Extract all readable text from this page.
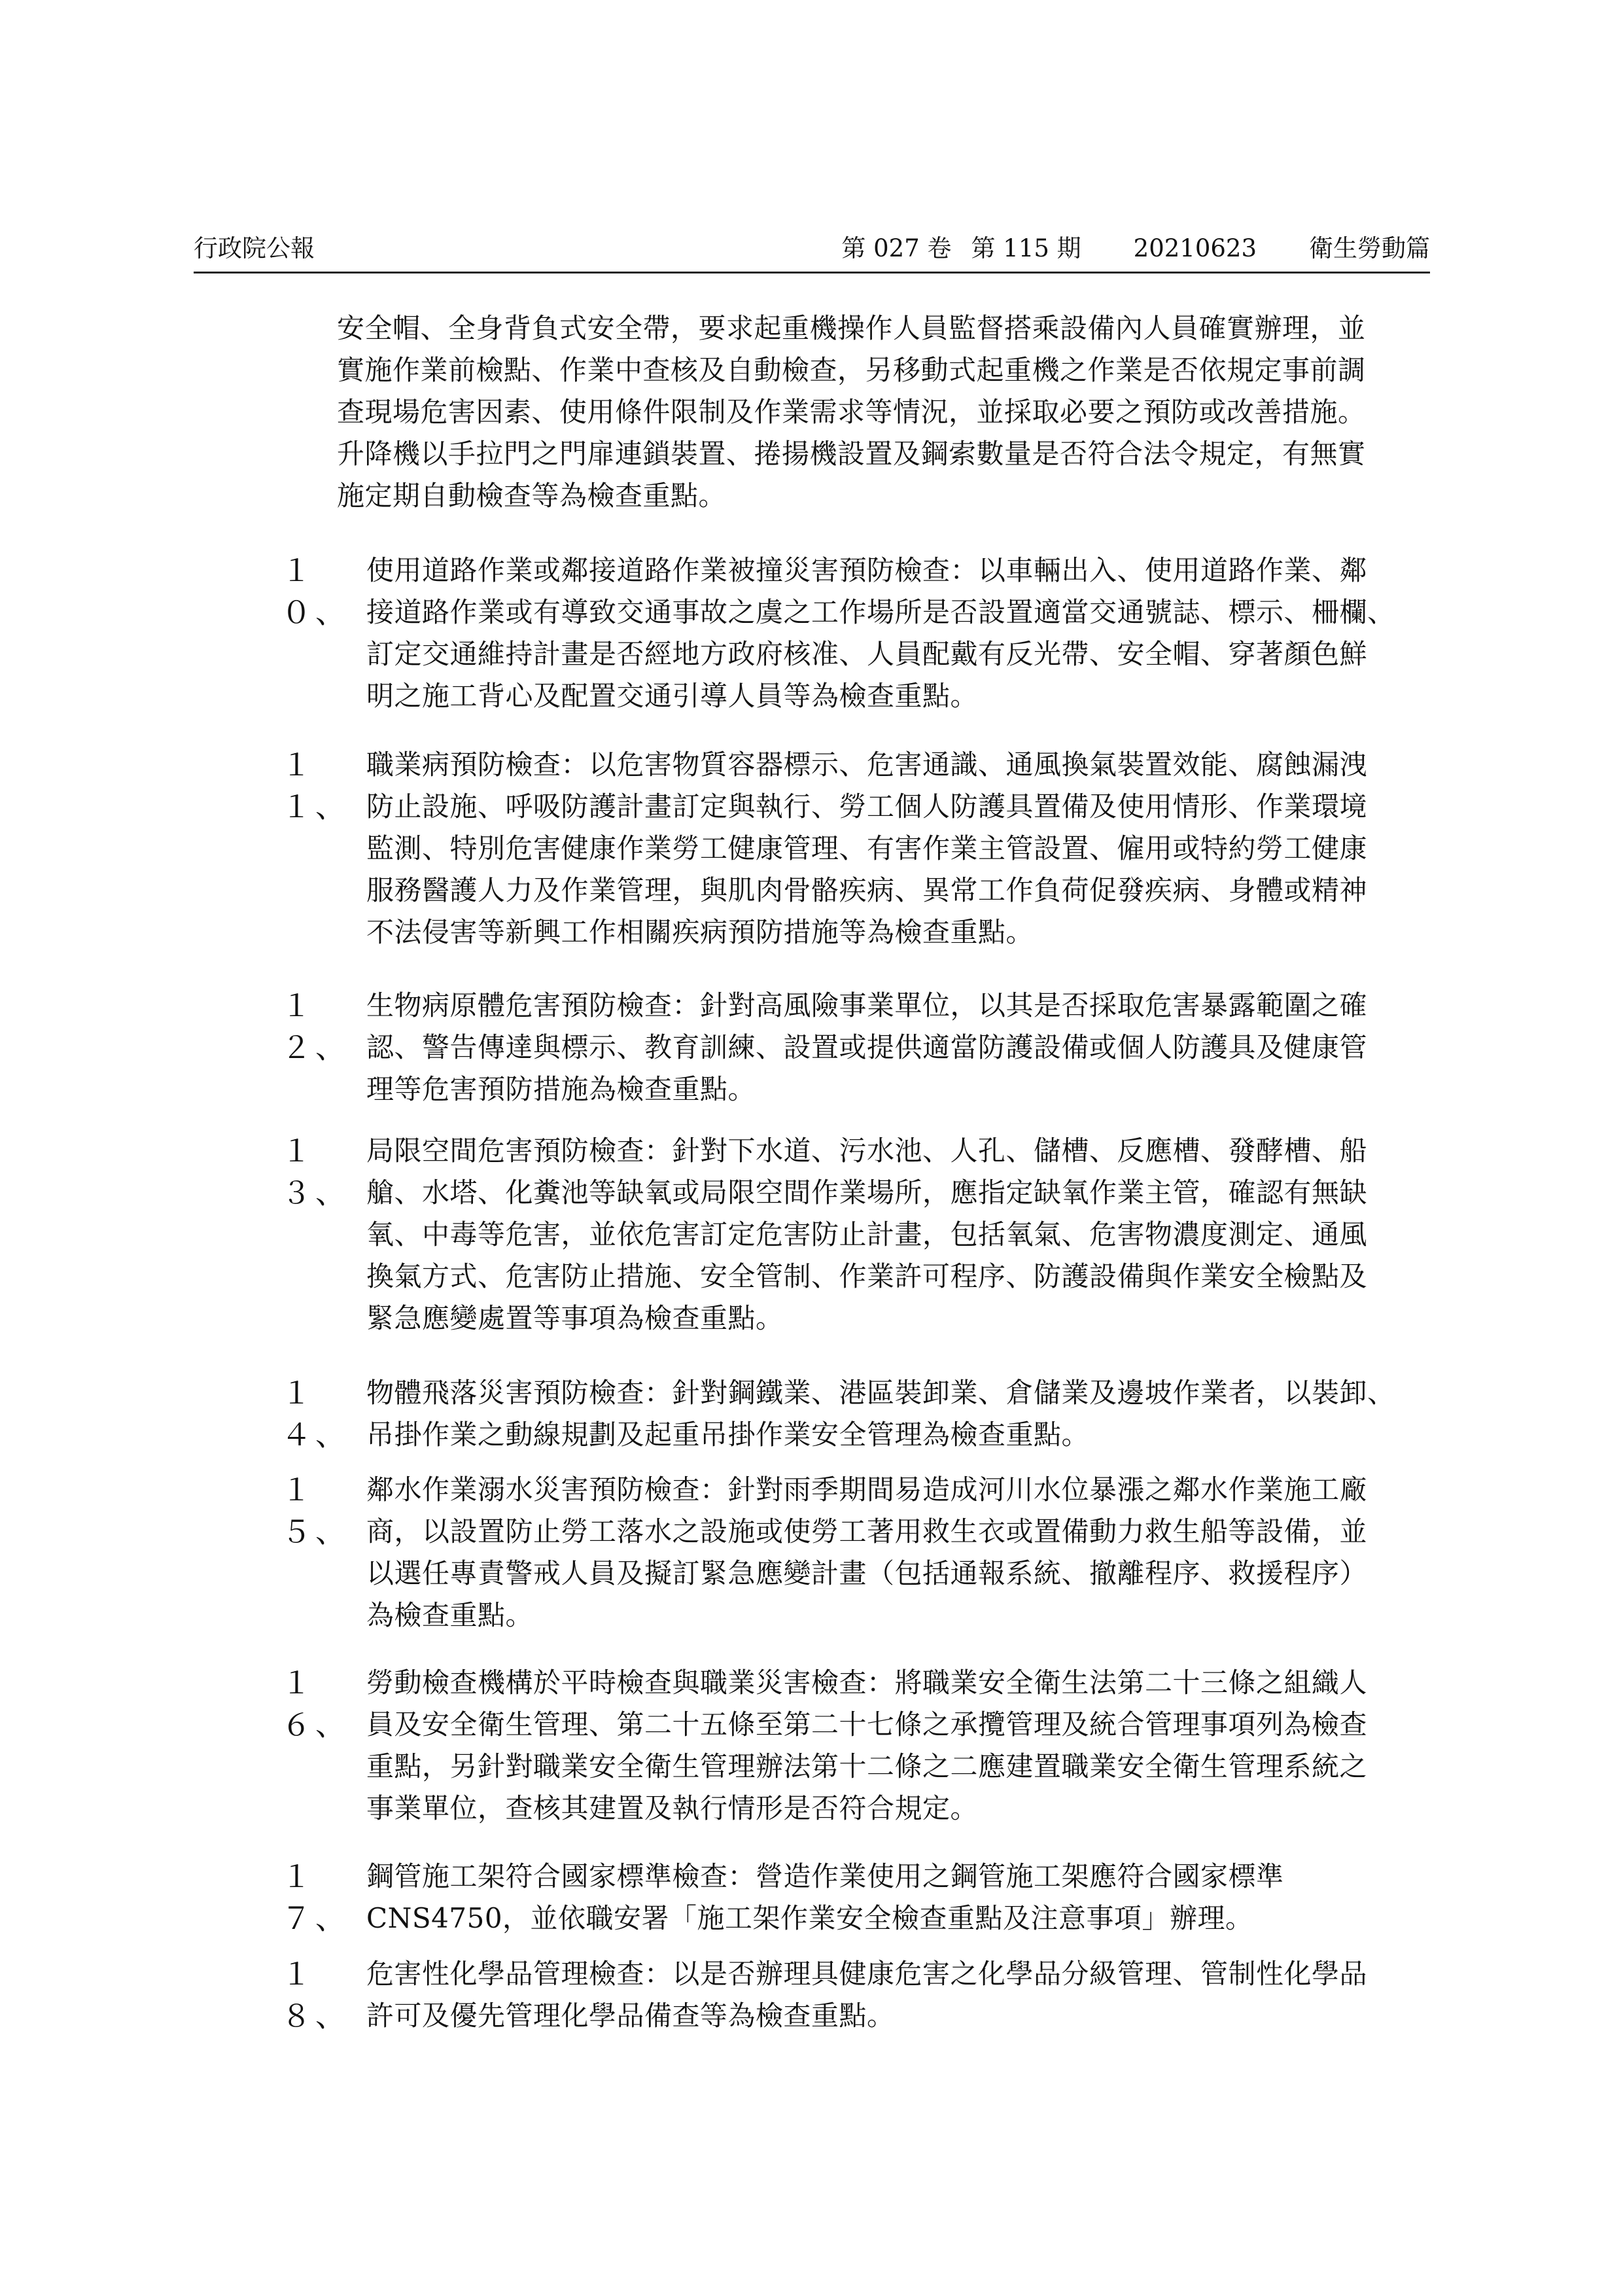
行政院公報	第 027 卷 第 115 期 20210623 衛生勞動篇
安全帽、全身背負式安全帶，要求起重機操作人員監督搭乘設備內人員確實辦理，並
實施作業前檢點、作業中查核及自動檢查，另移動式起重機之作業是否依規定事前調
查現場危害因素、使用條件限制及作業需求等情況，並採取必要之預防或改善措施。
升降機以手拉門之門扉連鎖裝置、捲揚機設置及鋼索數量是否符合法令規定，有無實
施定期自動檢查等為檢查重點。
１０、
使用道路作業或鄰接道路作業被撞災害預防檢查：以車輛出入、使用道路作業、鄰
接道路作業或有導致交通事故之虞之工作場所是否設置適當交通號誌、標示、柵欄、
訂定交通維持計畫是否經地方政府核准、人員配戴有反光帶、安全帽、穿著顏色鮮
明之施工背心及配置交通引導人員等為檢查重點。
１１、
職業病預防檢查：以危害物質容器標示、危害通識、通風換氣裝置效能、腐蝕漏洩
防止設施、呼吸防護計畫訂定與執行、勞工個人防護具置備及使用情形、作業環境
監測、特別危害健康作業勞工健康管理、有害作業主管設置、僱用或特約勞工健康
服務醫護人力及作業管理，與肌肉骨骼疾病、異常工作負荷促發疾病、身體或精神
不法侵害等新興工作相關疾病預防措施等為檢查重點。
１２、
生物病原體危害預防檢查：針對高風險事業單位，以其是否採取危害暴露範圍之確
認、警告傳達與標示、教育訓練、設置或提供適當防護設備或個人防護具及健康管
理等危害預防措施為檢查重點。
１３、
局限空間危害預防檢查：針對下水道、污水池、人孔、儲槽、反應槽、發酵槽、船
艙、水塔、化糞池等缺氧或局限空間作業場所，應指定缺氧作業主管，確認有無缺
氧、中毒等危害，並依危害訂定危害防止計畫，包括氧氣、危害物濃度測定、通風
換氣方式、危害防止措施、安全管制、作業許可程序、防護設備與作業安全檢點及
緊急應變處置等事項為檢查重點。
１４、
物體飛落災害預防檢查：針對鋼鐵業、港區裝卸業、倉儲業及邊坡作業者，以裝卸、
吊掛作業之動線規劃及起重吊掛作業安全管理為檢查重點。
１５、
鄰水作業溺水災害預防檢查：針對雨季期間易造成河川水位暴漲之鄰水作業施工廠
商，以設置防止勞工落水之設施或使勞工著用救生衣或置備動力救生船等設備，並
以選任專責警戒人員及擬訂緊急應變計畫（包括通報系統、撤離程序、救援程序）
為檢查重點。
１６、
勞動檢查機構於平時檢查與職業災害檢查：將職業安全衛生法第二十三條之組織人
員及安全衛生管理、第二十五條至第二十七條之承攬管理及統合管理事項列為檢查
重點，另針對職業安全衛生管理辦法第十二條之二應建置職業安全衛生管理系統之
事業單位，查核其建置及執行情形是否符合規定。
１７、
鋼管施工架符合國家標準檢查：營造作業使用之鋼管施工架應符合國家標準
CNS4750，並依職安署「施工架作業安全檢查重點及注意事項」辦理。
１８、
危害性化學品管理檢查：以是否辦理具健康危害之化學品分級管理、管制性化學品
許可及優先管理化學品備查等為檢查重點。
